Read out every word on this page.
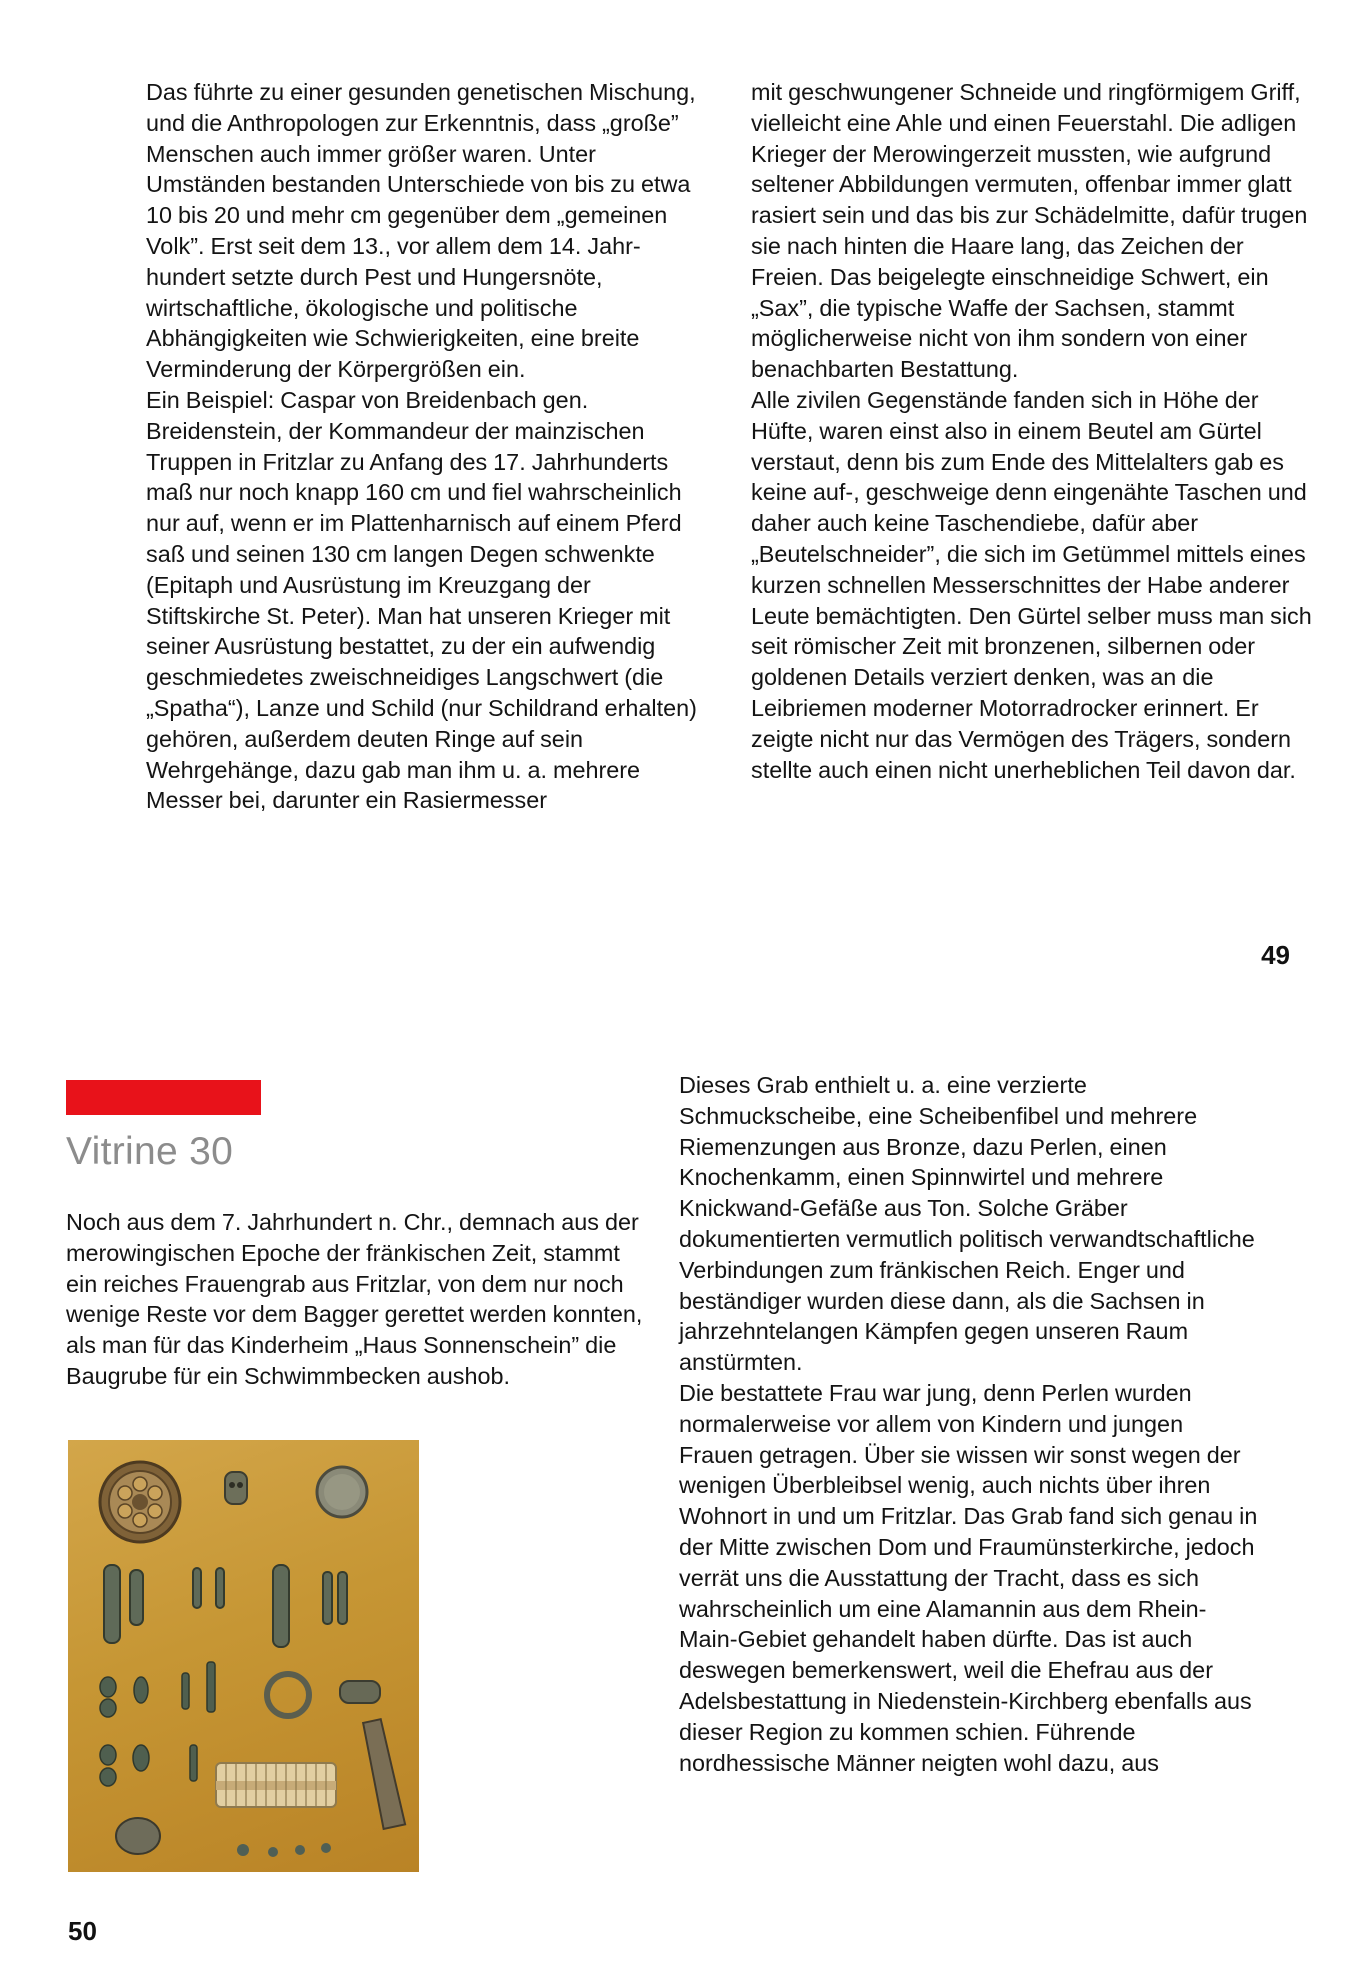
Das führte zu einer gesunden genetischen Mischung, und die Anthropologen zur Erkenntnis, dass „große” Menschen auch immer größer waren. Unter Umständen bestanden Unterschiede von bis zu etwa 10 bis 20 und mehr cm gegenüber dem „gemeinen Volk”. Erst seit dem 13., vor allem dem 14. Jahrhundert setzte durch Pest und Hungersnöte, wirtschaftliche, ökologische und politische Abhängigkeiten wie Schwierigkeiten, eine breite Verminderung der Körpergrößen ein.

Ein Beispiel: Caspar von Breidenbach gen. Breidenstein, der Kommandeur der mainzischen Truppen in Fritzlar zu Anfang des 17. Jahrhunderts maß nur noch knapp 160 cm und fiel wahrscheinlich nur auf, wenn er im Plattenharnisch auf einem Pferd saß und seinen 130 cm langen Degen schwenkte (Epitaph und Ausrüstung im Kreuzgang der Stiftskirche St. Peter). Man hat unseren Krieger mit seiner Ausrüstung bestattet, zu der ein aufwendig geschmiedetes zweischneidiges Langschwert (die „Spatha“), Lanze und Schild (nur Schildrand erhalten) gehören, außerdem deuten Ringe auf sein Wehrgehänge, dazu gab man ihm u. a. mehrere Messer bei, darunter ein Rasiermesser

mit geschwungener Schneide und ringförmigem Griff, vielleicht eine Ahle und einen Feuerstahl. Die adligen Krieger der Merowingerzeit mussten, wie aufgrund seltener Abbildungen vermuten, offenbar immer glatt rasiert sein und das bis zur Schädelmitte, dafür trugen sie nach hinten die Haare lang, das Zeichen der Freien. Das beigelegte einschneidige Schwert, ein „Sax”, die typische Waffe der Sachsen, stammt möglicherweise nicht von ihm sondern von einer benachbarten Bestattung.

Alle zivilen Gegenstände fanden sich in Höhe der Hüfte, waren einst also in einem Beutel am Gürtel verstaut, denn bis zum Ende des Mittelalters gab es keine auf-, geschweige denn eingenähte Taschen und daher auch keine Taschendiebe, dafür aber „Beutelschneider”, die sich im Getümmel mittels eines kurzen schnellen Messerschnittes der Habe anderer Leute bemächtigten. Den Gürtel selber muss man sich seit römischer Zeit mit bronzenen, silbernen oder goldenen Details verziert denken, was an die Leibriemen moderner Motorradrocker erinnert. Er zeigte nicht nur das Vermögen des Trägers, sondern stellte auch einen nicht unerheblichen Teil davon dar.

49
Vitrine 30

Noch aus dem 7. Jahrhundert n. Chr., demnach aus der merowingischen Epoche der fränkischen Zeit, stammt ein reiches Frauengrab aus Fritzlar, von dem nur noch wenige Reste vor dem Bagger gerettet werden konnten, als man für das Kinderheim „Haus Sonnenschein” die Baugrube für ein Schwimmbecken aushob.

Dieses Grab enthielt u. a. eine verzierte Schmuckscheibe, eine Scheibenfibel und mehrere Riemenzungen aus Bronze, dazu Perlen, einen Knochenkamm, einen Spinnwirtel und mehrere Knickwand-Gefäße aus Ton. Solche Gräber dokumentierten vermutlich politisch verwandtschaftliche Verbindungen zum fränkischen Reich. Enger und beständiger wurden diese dann, als die Sachsen in jahrzehntelangen Kämpfen gegen unseren Raum anstürmten.

Die bestattete Frau war jung, denn Perlen wurden normalerweise vor allem von Kindern und jungen Frauen getragen. Über sie wissen wir sonst wegen der wenigen Überbleibsel wenig, auch nichts über ihren Wohnort in und um Fritzlar. Das Grab fand sich genau in der Mitte zwischen Dom und Fraumünsterkirche, jedoch verrät uns die Ausstattung der Tracht, dass es sich wahrscheinlich um eine Alamannin aus dem Rhein-Main-Gebiet gehandelt haben dürfte. Das ist auch deswegen bemerkenswert, weil die Ehefrau aus der Adelsbestattung in Niedenstein-Kirchberg ebenfalls aus dieser Region zu kommen schien. Führende nordhessische Männer neigten wohl dazu, aus

50
